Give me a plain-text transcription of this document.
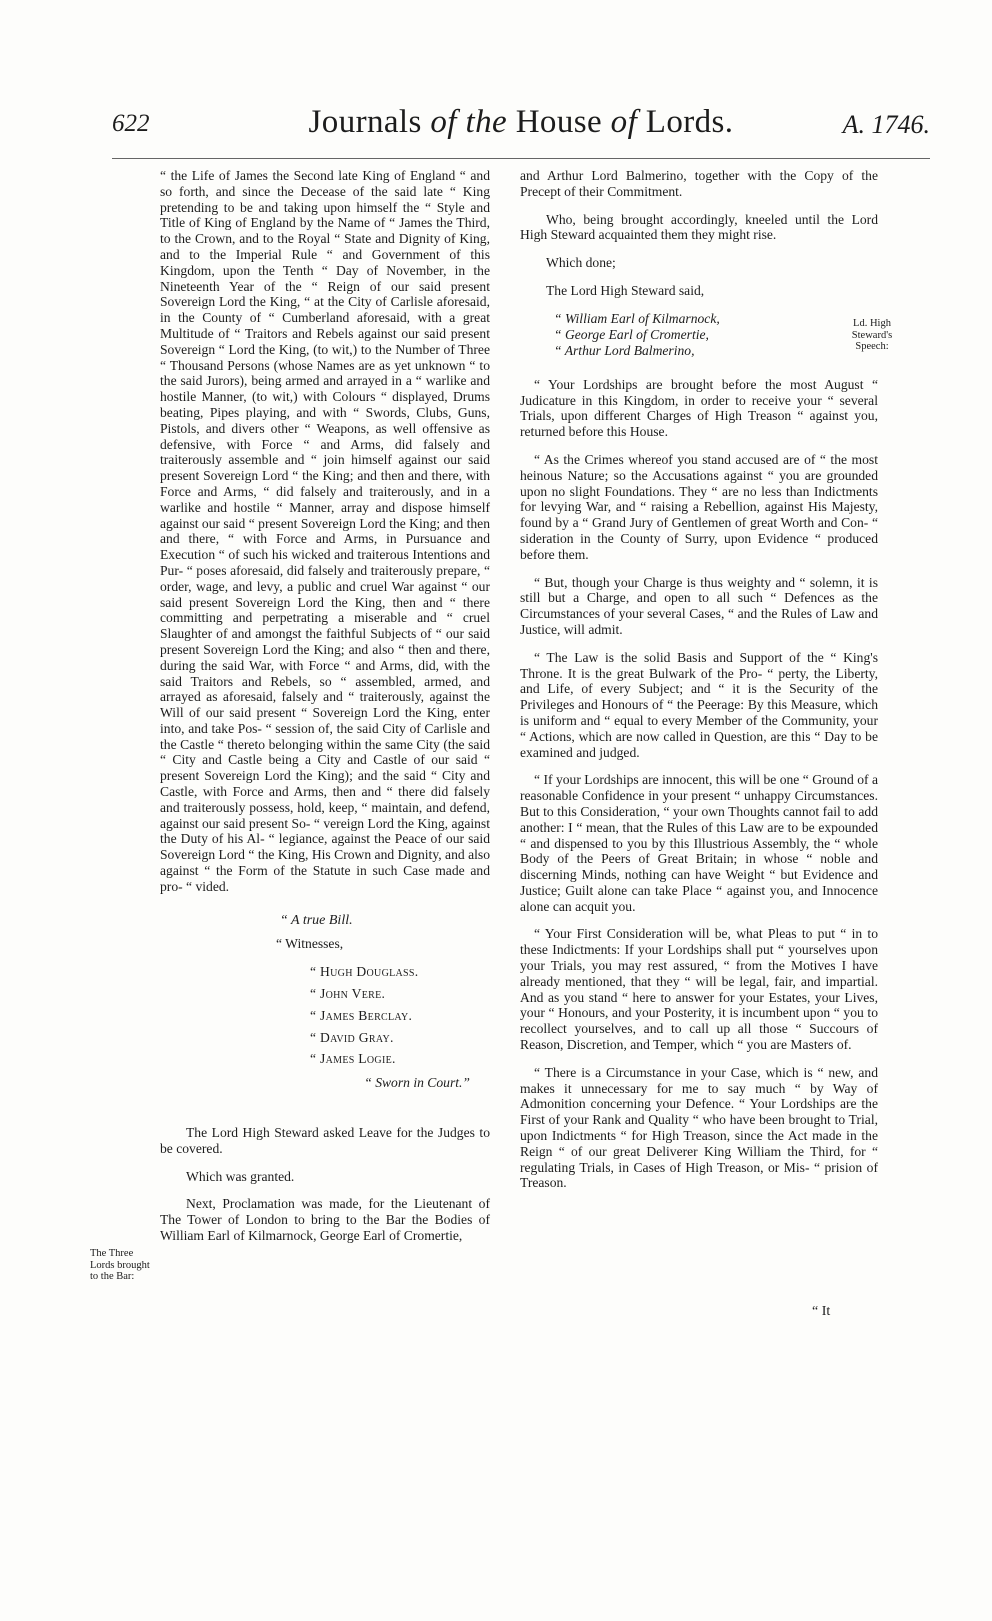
622	Journals of the House of Lords.	A. 1746.

“ the Life of James the Second late King of England “ and so forth, and since the Decease of the said late “ King pretending to be and taking upon himself the “ Style and Title of King of England by the Name of “ James the Third, to the Crown, and to the Royal “ State and Dignity of King, and to the Imperial Rule “ and Government of this Kingdom, upon the Tenth “ Day of November, in the Nineteenth Year of the “ Reign of our said present Sovereign Lord the King, “ at the City of Carlisle aforesaid, in the County of “ Cumberland aforesaid, with a great Multitude of “ Traitors and Rebels against our said present Sovereign “ Lord the King, (to wit,) to the Number of Three “ Thousand Persons (whose Names are as yet unknown “ to the said Jurors), being armed and arrayed in a “ warlike and hostile Manner, (to wit,) with Colours “ displayed, Drums beating, Pipes playing, and with “ Swords, Clubs, Guns, Pistols, and divers other “ Weapons, as well offensive as defensive, with Force “ and Arms, did falsely and traiterously assemble and “ join himself against our said present Sovereign Lord “ the King; and then and there, with Force and Arms, “ did falsely and traiterously, and in a warlike and hostile “ Manner, array and dispose himself against our said “ present Sovereign Lord the King; and then and there, “ with Force and Arms, in Pursuance and Execution “ of such his wicked and traiterous Intentions and Pur- “ poses aforesaid, did falsely and traiterously prepare, “ order, wage, and levy, a public and cruel War against “ our said present Sovereign Lord the King, then and “ there committing and perpetrating a miserable and “ cruel Slaughter of and amongst the faithful Subjects of “ our said present Sovereign Lord the King; and also “ then and there, during the said War, with Force “ and Arms, did, with the said Traitors and Rebels, so “ assembled, armed, and arrayed as aforesaid, falsely and “ traiterously, against the Will of our said present “ Sovereign Lord the King, enter into, and take Pos- “ session of, the said City of Carlisle and the Castle “ thereto belonging within the same City (the said “ City and Castle being a City and Castle of our said “ present Sovereign Lord the King); and the said “ City and Castle, with Force and Arms, then and “ there did falsely and traiterously possess, hold, keep, “ maintain, and defend, against our said present So- “ vereign Lord the King, against the Duty of his Al- “ legiance, against the Peace of our said Sovereign Lord “ the King, His Crown and Dignity, and also against “ the Form of the Statute in such Case made and pro- “ vided.

“ A true Bill.
“ Witnesses,
“ Hugh Douglass.
“ John Vere.
“ James Berclay.
“ David Gray.
“ James Logie.
“ Sworn in Court.”

The Lord High Steward asked Leave for the Judges to be covered.

Which was granted.

Next, Proclamation was made, for the Lieutenant of The Tower of London to bring to the Bar the Bodies of William Earl of Kilmarnock, George Earl of Cromertie,

and Arthur Lord Balmerino, together with the Copy of the Precept of their Commitment.

Who, being brought accordingly, kneeled until the Lord High Steward acquainted them they might rise.

Which done;

The Lord High Steward said,

“ William Earl of Kilmarnock,
“ George Earl of Cromertie,
“ Arthur Lord Balmerino,

“ Your Lordships are brought before the most August “ Judicature in this Kingdom, in order to receive your “ several Trials, upon different Charges of High Treason “ against you, returned before this House.

“ As the Crimes whereof you stand accused are of “ the most heinous Nature; so the Accusations against “ you are grounded upon no slight Foundations. They “ are no less than Indictments for levying War, and “ raising a Rebellion, against His Majesty, found by a “ Grand Jury of Gentlemen of great Worth and Con- “ sideration in the County of Surry, upon Evidence “ produced before them.

“ But, though your Charge is thus weighty and “ solemn, it is still but a Charge, and open to all such “ Defences as the Circumstances of your several Cases, “ and the Rules of Law and Justice, will admit.

“ The Law is the solid Basis and Support of the “ King's Throne. It is the great Bulwark of the Pro- “ perty, the Liberty, and Life, of every Subject; and “ it is the Security of the Privileges and Honours of “ the Peerage: By this Measure, which is uniform and “ equal to every Member of the Community, your “ Actions, which are now called in Question, are this “ Day to be examined and judged.

“ If your Lordships are innocent, this will be one “ Ground of a reasonable Confidence in your present “ unhappy Circumstances. But to this Consideration, “ your own Thoughts cannot fail to add another: I “ mean, that the Rules of this Law are to be expounded “ and dispensed to you by this Illustrious Assembly, the “ whole Body of the Peers of Great Britain; in whose “ noble and discerning Minds, nothing can have Weight “ but Evidence and Justice; Guilt alone can take Place “ against you, and Innocence alone can acquit you.

“ Your First Consideration will be, what Pleas to put “ in to these Indictments: If your Lordships shall put “ yourselves upon your Trials, you may rest assured, “ from the Motives I have already mentioned, that they “ will be legal, fair, and impartial. And as you stand “ here to answer for your Estates, your Lives, your “ Honours, and your Posterity, it is incumbent upon “ you to recollect yourselves, and to call up all those “ Succours of Reason, Discretion, and Temper, which “ you are Masters of.

“ There is a Circumstance in your Case, which is “ new, and makes it unnecessary for me to say much “ by Way of Admonition concerning your Defence. “ Your Lordships are the First of your Rank and Quality “ who have been brought to Trial, upon Indictments “ for High Treason, since the Act made in the Reign “ of our great Deliverer King William the Third, for “ regulating Trials, in Cases of High Treason, or Mis- “ prision of Treason.

Ld. High Steward's Speech:
The Three Lords brought to the Bar:
“ It
